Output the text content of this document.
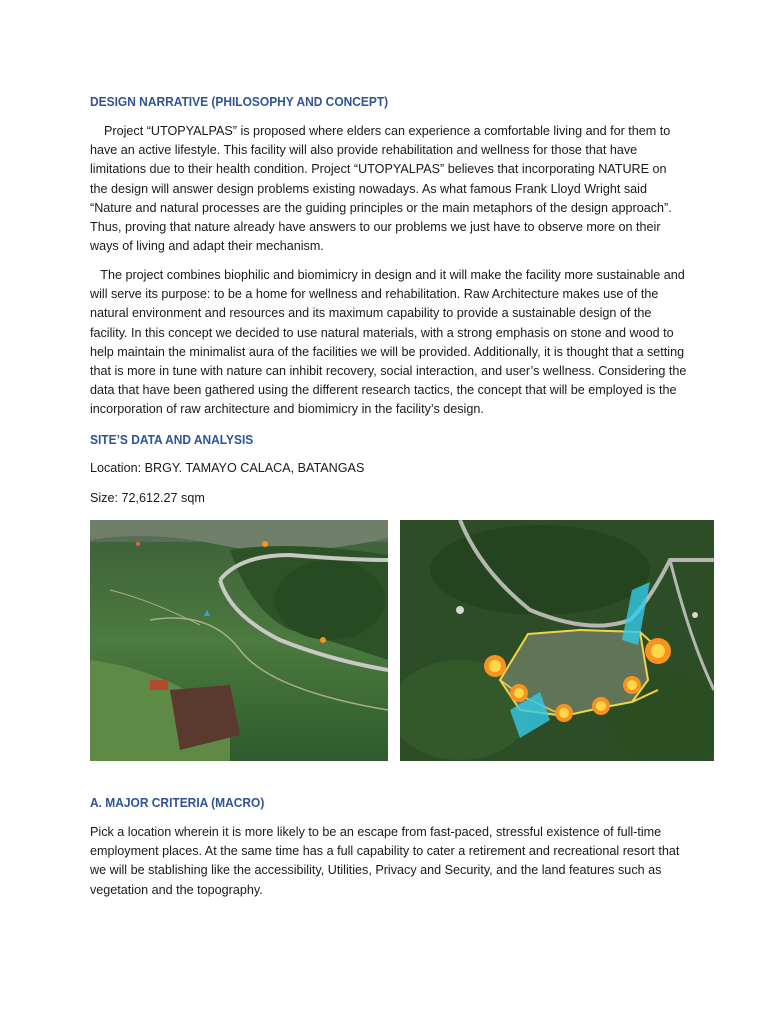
DESIGN NARRATIVE (PHILOSOPHY AND CONCEPT)
Project “UTOPYALPAS” is proposed where elders can experience a comfortable living and for them to
have an active lifestyle. This facility will also provide rehabilitation and wellness for those that have
limitations due to their health condition. Project “UTOPYALPAS” believes that incorporating NATURE on
the design will answer design problems existing nowadays. As what famous Frank Lloyd Wright said
“Nature and natural processes are the guiding principles or the main metaphors of the design approach”.
Thus, proving that nature already have answers to our problems we just have to observe more on their
ways of living and adapt their mechanism.
The project combines biophilic and biomimicry in design and it will make the facility more sustainable and
will serve its purpose: to be a home for wellness and rehabilitation. Raw Architecture makes use of the
natural environment and resources and its maximum capability to provide a sustainable design of the
facility. In this concept we decided to use natural materials, with a strong emphasis on stone and wood to
help maintain the minimalist aura of the facilities we will be provided. Additionally, it is thought that a setting
that is more in tune with nature can inhibit recovery, social interaction, and user’s wellness. Considering the
data that have been gathered using the different research tactics, the concept that will be employed is the
incorporation of raw architecture and biomimicry in the facility’s design.
SITE’S DATA AND ANALYSIS
Location: BRGY. TAMAYO CALACA, BATANGAS
Size: 72,612.27 sqm
A. MAJOR CRITERIA (MACRO)
Pick a location wherein it is more likely to be an escape from fast-paced, stressful existence of full-time
employment places. At the same time has a full capability to cater a retirement and recreational resort that
we will be stablishing like the accessibility, Utilities, Privacy and Security, and the land features such as
vegetation and the topography.
